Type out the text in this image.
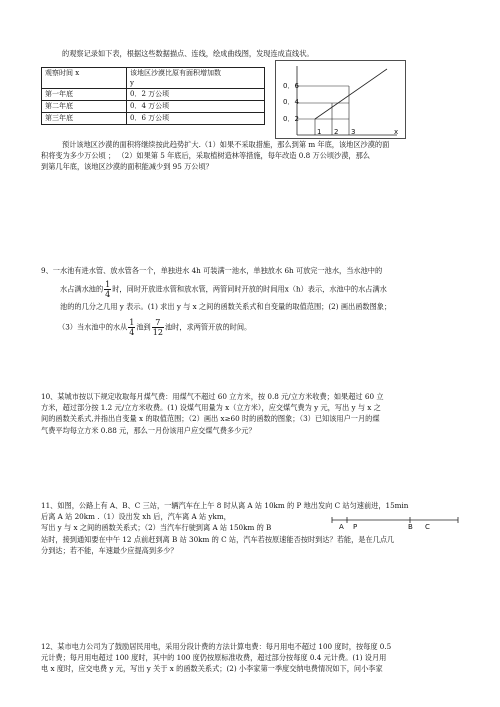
的观察记录如下表，根据这些数据描点、连线，绘成曲线图，发现连成直线状。
观察时间 x	该地区沙漠比原有面积增加数
y
第一年底	0．2 万公顷
第二年底	0．4 万公顷
第三年底	0．6 万公顷
0．6
0．4
0．2
1 2 3	x
预计该地区沙漠的面积将继续按此趋势扩大.（1）如果不采取措施，那么到第 m 年底，该地区沙漠的面
积将变为多少万公顷 ； （2）如果第 5 年底后，采取植树造林等措施，每年改造 0.8 万公顷沙漠，那么
到第几年底，该地区沙漠的面积能减少到 95 万公顷？
9、一水池有进水管、放水管各一个，单独进水 4h 可装满一池水，单独放水 6h 可放完一池水，当水池中的
水占满水池的 $\frac{1}{4}$ 时，同时开放进水管和放水管，两管同时开放的时间用x（h）表示，水池中的水占满水
池的的几分之几用 y 表示。(1) 求出 y 与 x 之间的函数关系式和自变量的取值范围；(2) 画出函数图象；
（3）当水池中的水从 $\frac{1}{4}$ 池到 $\frac{7}{12}$ 池时，求两管开放的时间。
10、某城市按以下规定收取每月煤气费：用煤气不超过 60 立方米，按 0.8 元/立方米收费；如果超过 60 立
方米，超过部分按 1.2 元/立方米收费。(1) 设煤气用量为 x（立方米），应交煤气费为 y 元，写出 y 与 x 之
间的函数关系式,并指出自变量 x 的取值范围；（2）画出 x≥60 时的函数的图象；（3）已知该用户一月的煤
气费平均每立方米 0.88 元，那么一月份该用户应交煤气费多少元？
11、如图，公路上有 A、B、C 三站，一辆汽车在上午 8 时从离 A 站 10km 的 P 地出发向 C 站匀速前进，15min
后离 A 站 20km .（1）设出发 xh 后，汽车离 A 站 ykm，
写出 y 与 x 之间的函数关系式；（2）当汽车行驶到离 A 站 150km 的 B
站时，接到通知要在中午 12 点前赶到离 B 站 30km 的 C 站，汽车若按原速能否按时到达？若能，是在几点几
分到达；若不能，车速最少应提高到多少？
A P	B C
12、某市电力公司为了鼓励居民用电，采用分段计费的方法计算电费：每月用电不超过 100 度时，按每度 0.5
元计费；每月用电超过 100 度时，其中的 100 度仍按原标准收费，超过部分按每度 0.4 元计费。(1) 设月用
电 x 度时，应交电费 y 元，写出 y 关于 x 的函数关系式；(2) 小李家第一季度交纳电费情况如下，问小李家
